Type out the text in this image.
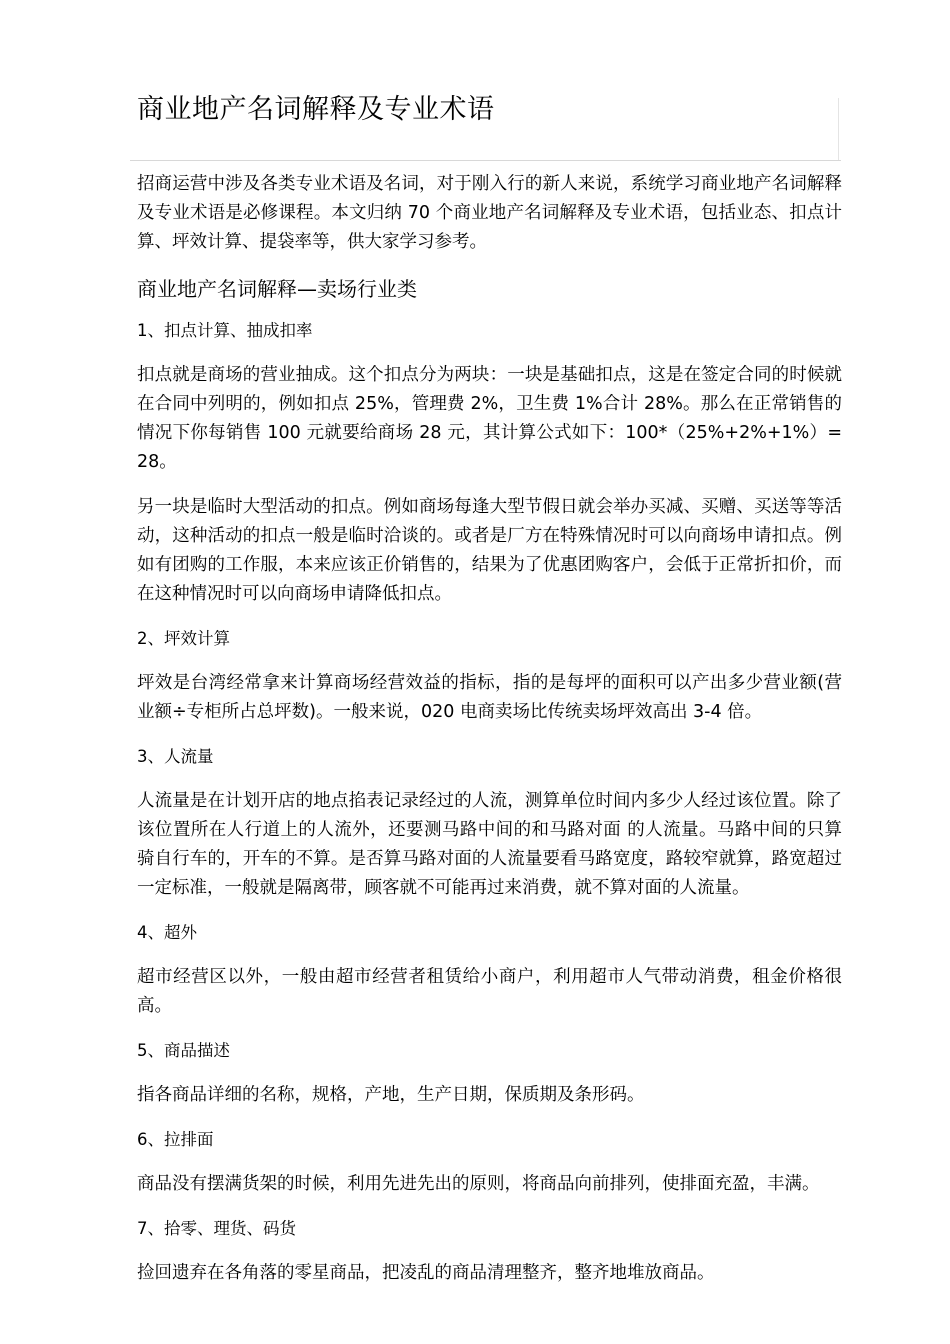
商业地产名词解释及专业术语

招商运营中涉及各类专业术语及名词，对于刚入行的新人来说，系统学习商业地产名词解释及专业术语是必修课程。本文归纳 70 个商业地产名词解释及专业术语，包括业态、扣点计算、坪效计算、提袋率等，供大家学习参考。

商业地产名词解释—卖场行业类
1、扣点计算、抽成扣率

扣点就是商场的营业抽成。这个扣点分为两块：一块是基础扣点，这是在签定合同的时候就在合同中列明的，例如扣点 25%，管理费 2%，卫生费 1%合计 28%。那么在正常销售的情况下你每销售 100 元就要给商场 28 元，其计算公式如下：100*（25%+2%+1%）=28。

另一块是临时大型活动的扣点。例如商场每逢大型节假日就会举办买减、买赠、买送等等活动，这种活动的扣点一般是临时洽谈的。或者是厂方在特殊情况时可以向商场申请扣点。例如有团购的工作服，本来应该正价销售的，结果为了优惠团购客户，会低于正常折扣价，而在这种情况时可以向商场申请降低扣点。

2、坪效计算

坪效是台湾经常拿来计算商场经营效益的指标，指的是每坪的面积可以产出多少营业额(营业额÷专柜所占总坪数)。一般来说，020 电商卖场比传统卖场坪效高出 3-4 倍。

3、人流量

人流量是在计划开店的地点掐表记录经过的人流，测算单位时间内多少人经过该位置。除了该位置所在人行道上的人流外，还要测马路中间的和马路对面 的人流量。马路中间的只算骑自行车的，开车的不算。是否算马路对面的人流量要看马路宽度，路较窄就算，路宽超过一定标准，一般就是隔离带，顾客就不可能再过来消费，就不算对面的人流量。

4、超外

超市经营区以外，一般由超市经营者租赁给小商户，利用超市人气带动消费，租金价格很高。

5、商品描述

指各商品详细的名称，规格，产地，生产日期，保质期及条形码。

6、拉排面

商品没有摆满货架的时候，利用先进先出的原则，将商品向前排列，使排面充盈，丰满。

7、拾零、理货、码货

捡回遗弃在各角落的零星商品，把凌乱的商品清理整齐，整齐地堆放商品。
